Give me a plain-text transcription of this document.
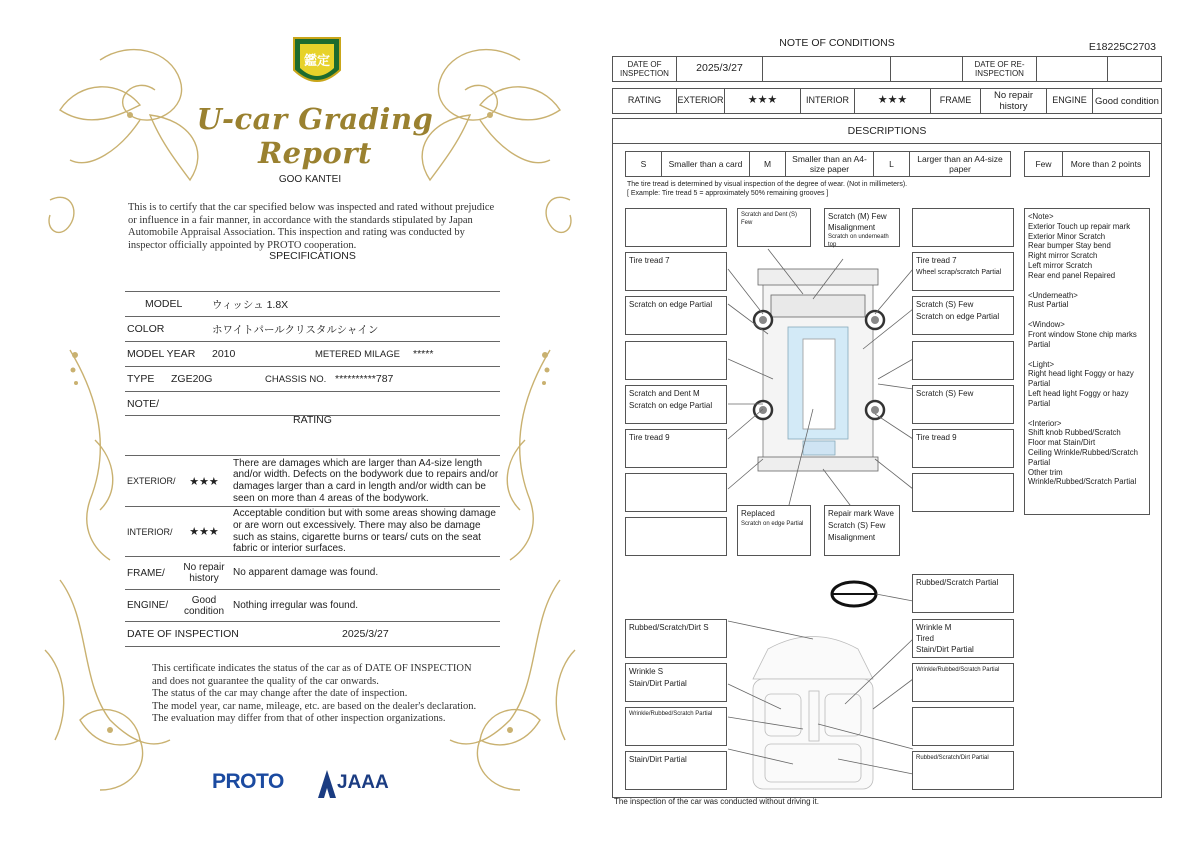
鑑定
U-car Grading Report
GOO KANTEI
This is to certify that the car specified below was inspected and rated without prejudice or influence in a fair manner, in accordance with the standards stipulated by Japan Automobile Appraisal Association. This inspection and rating was conducted by inspector officially appointed by PROTO cooperation.
SPECIFICATIONS
MODEL	ウィッシュ 1.8X
COLOR	ホワイトパールクリスタルシャイン
MODEL YEAR 2010	METERED MILAGE *****
TYPE ZGE20G	CHASSIS NO. **********787
NOTE/
RATING
EXTERIOR/	★★★
There are damages which are larger than A4-size length and/or width. Defects on the bodywork due to repairs and/or damages larger than a card in length and/or width can be seen on more than 4 areas of the bodywork.
INTERIOR/	★★★
Acceptable condition but with some areas showing damage or are worn out excessively. There may also be damage such as stains, cigarette burns or tears/ cuts on the seat fabric or interior surfaces.
FRAME/	No repair history
No apparent damage was found.
ENGINE/	Good condition
Nothing irregular was found.
DATE OF INSPECTION	2025/3/27

This certificate indicates the status of the car as of DATE OF INSPECTION and does not guarantee the quality of the car onwards.

The status of the car may change after the date of inspection.

The model year, car name, mileage, etc. are based on the dealer's declaration.

The evaluation may differ from that of other inspection organizations.

PROTO	JAAA
NOTE OF CONDITIONS	E18225C2703
DATE OF INSPECTION	2025/3/27	DATE OF RE-INSPECTION
RATING	EXTERIOR	★★★	INTERIOR	★★★	FRAME	No repair history
ENGINE Good condition
DESCRIPTIONS
S	Smaller than a card	M	Smaller than an A4-size paper	L	Larger than an A4-size paper	Few	More than 2 points
The tire tread is determined by visual inspection of the degree of wear. (Not in millimeters).
[ Example: Tire tread 5 = approximately 50% remaining grooves ]
Tire tread 7
Scratch on edge Partial
Scratch and Dent M
Scratch on edge Partial
Tire tread 9
Scratch and Dent (S) Few
Scratch (M) Few
Misalignment
Scratch on underneath top
Replaced
Scratch on edge Partial
Repair mark Wave
Scratch (S) Few
Misalignment
Tire tread 7
Wheel scrap/scratch Partial
Scratch (S) Few
Scratch on edge Partial
Scratch (S) Few
Tire tread 9

<Note>

Exterior Touch up repair mark

Exterior Minor Scratch

Rear bumper Stay bend

Right mirror Scratch

Left mirror Scratch

Rear end panel Repaired

<Underneath>

Rust Partial

<Window>

Front window Stone chip marks Partial

<Light>

Right head light Foggy or hazy Partial

Left head light Foggy or hazy Partial

<Interior>

Shift knob Rubbed/Scratch

Floor mat Stain/Dirt

Ceiling Wrinkle/Rubbed/Scratch Partial

Other trim Wrinkle/Rubbed/Scratch Partial

Rubbed/Scratch Partial
Rubbed/Scratch/Dirt S	Wrinkle M
Tired
Stain/Dirt Partial
Wrinkle S
Stain/Dirt Partial
Wrinkle/Rubbed/Scratch Partial
Wrinkle/Rubbed/Scratch Partial
Stain/Dirt Partial	Rubbed/Scratch/Dirt Partial
The inspection of the car was conducted without driving it.
